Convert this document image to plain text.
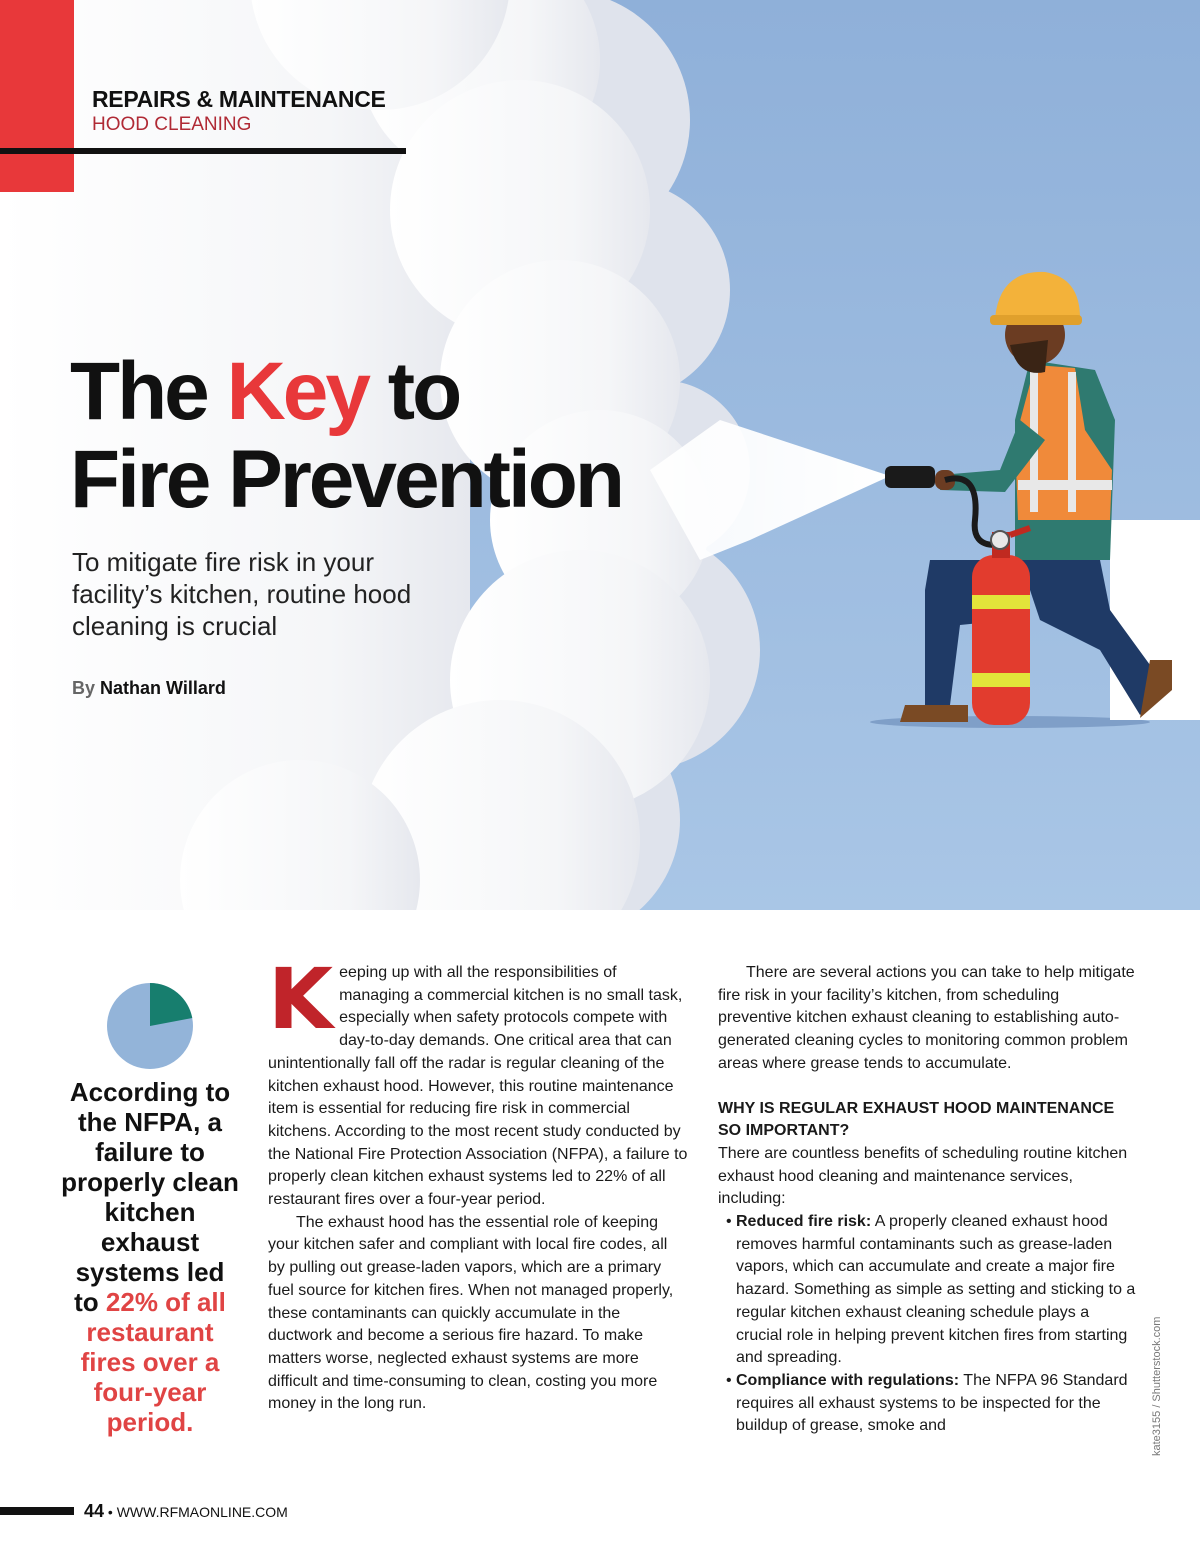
REPAIRS & MAINTENANCE
HOOD CLEANING
The Key to
Fire Prevention
To mitigate fire risk in your facility’s kitchen, routine hood cleaning is crucial
By Nathan Willard
kate3155 / Shutterstock.com
According to the NFPA, a failure to properly clean kitchen exhaust systems led to 22% of all restaurant fires over a four-year period.

Keeping up with all the responsibilities of managing a commercial kitchen is no small task, especially when safety protocols compete with day-to-day demands. One critical area that can unintentionally fall off the radar is regular cleaning of the kitchen exhaust hood. However, this routine maintenance item is essential for reducing fire risk in commercial kitchens. According to the most recent study conducted by the National Fire Protection Association (NFPA), a failure to properly clean kitchen exhaust systems led to 22% of all restaurant fires over a four-year period.

The exhaust hood has the essential role of keeping your kitchen safer and compliant with local fire codes, all by pulling out grease-laden vapors, which are a primary fuel source for kitchen fires. When not managed properly, these contaminants can quickly accumulate in the ductwork and become a serious fire hazard. To make matters worse, neglected exhaust systems are more difficult and time-consuming to clean, costing you more money in the long run.

There are several actions you can take to help mitigate fire risk in your facility’s kitchen, from scheduling preventive kitchen exhaust cleaning to establishing auto-generated cleaning cycles to monitoring common problem areas where grease tends to accumulate.

WHY IS REGULAR EXHAUST HOOD MAINTENANCE SO IMPORTANT?

There are countless benefits of scheduling routine kitchen exhaust hood cleaning and maintenance services, including:

• Reduced fire risk: A properly cleaned exhaust hood removes harmful contaminants such as grease-laden vapors, which can accumulate and create a major fire hazard. Something as simple as setting and sticking to a regular kitchen exhaust cleaning schedule plays a crucial role in helping prevent kitchen fires from starting and spreading.
• Compliance with regulations: The NFPA 96 Standard requires all exhaust systems to be inspected for the buildup of grease, smoke and
44 • WWW.RFMAONLINE.COM
